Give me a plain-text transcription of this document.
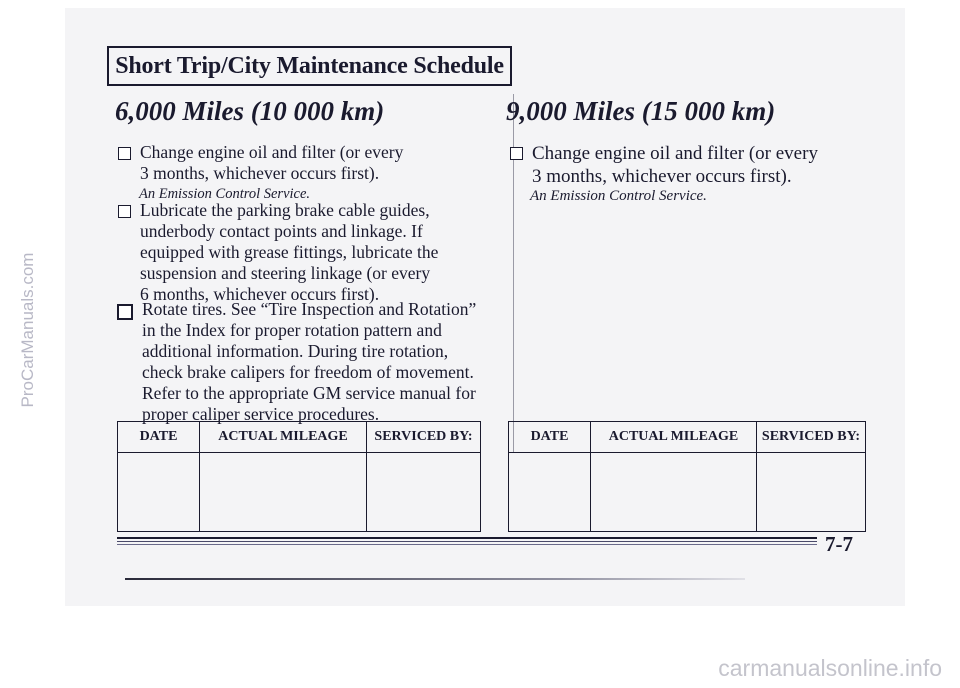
ProCarManuals.com
Short Trip/City Maintenance Schedule
6,000 Miles (10 000 km)
Change engine oil and filter (or every
3 months, whichever occurs first).
An Emission Control Service.
Lubricate the parking brake cable guides,
underbody contact points and linkage. If
equipped with grease fittings, lubricate the
suspension and steering linkage (or every
6 months, whichever occurs first).
Rotate tires. See “Tire Inspection and Rotation”
in the Index for proper rotation pattern and
additional information. During tire rotation,
check brake calipers for freedom of movement.
Refer to the appropriate GM service manual for
proper caliper service procedures.
DATE	ACTUAL MILEAGE	SERVICED BY:

9,000 Miles (15 000 km)
Change engine oil and filter (or every
3 months, whichever occurs first).
An Emission Control Service.
DATE	ACTUAL MILEAGE	SERVICED BY:

7-7
carmanualsonline.info
